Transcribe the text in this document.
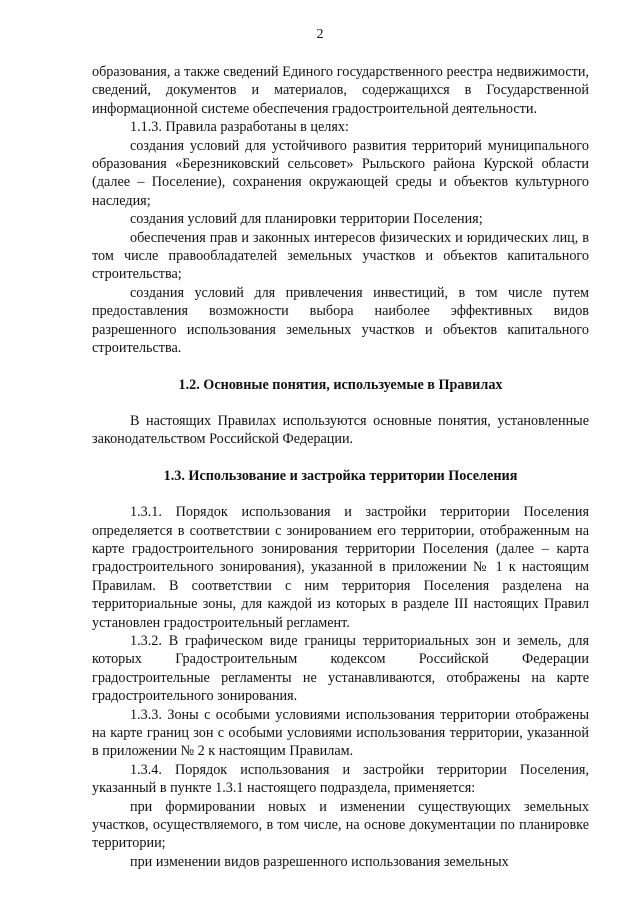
2

образования, а также сведений Единого государственного реестра недвижимости, сведений, документов и материалов, содержащихся в Государственной информационной системе обеспечения градостроительной деятельности.

1.1.3. Правила разработаны в целях:

создания условий для устойчивого развития территорий муниципального образования «Березниковский сельсовет» Рыльского района Курской области (далее – Поселение), сохранения окружающей среды и объектов культурного наследия;

создания условий для планировки территории Поселения;

обеспечения прав и законных интересов физических и юридических лиц, в том числе правообладателей земельных участков и объектов капитального строительства;

создания условий для привлечения инвестиций, в том числе путем предоставления возможности выбора наиболее эффективных видов разрешенного использования земельных участков и объектов капитального строительства.

1.2. Основные понятия, используемые в Правилах

В настоящих Правилах используются основные понятия, установленные законодательством Российской Федерации.

1.3. Использование и застройка территории Поселения

1.3.1. Порядок использования и застройки территории Поселения определяется в соответствии с зонированием его территории, отображенным на карте градостроительного зонирования территории Поселения (далее – карта градостроительного зонирования), указанной в приложении № 1 к настоящим Правилам. В соответствии с ним территория Поселения разделена на территориальные зоны, для каждой из которых в разделе III настоящих Правил установлен градостроительный регламент.

1.3.2. В графическом виде границы территориальных зон и земель, для которых Градостроительным кодексом Российской Федерации градостроительные регламенты не устанавливаются, отображены на карте градостроительного зонирования.

1.3.3. Зоны с особыми условиями использования территории отображены на карте границ зон с особыми условиями использования территории, указанной в приложении № 2 к настоящим Правилам.

1.3.4. Порядок использования и застройки территории Поселения, указанный в пункте 1.3.1 настоящего подраздела, применяется:

при формировании новых и изменении существующих земельных участков, осуществляемого, в том числе, на основе документации по планировке территории;

при изменении видов разрешенного использования земельных
